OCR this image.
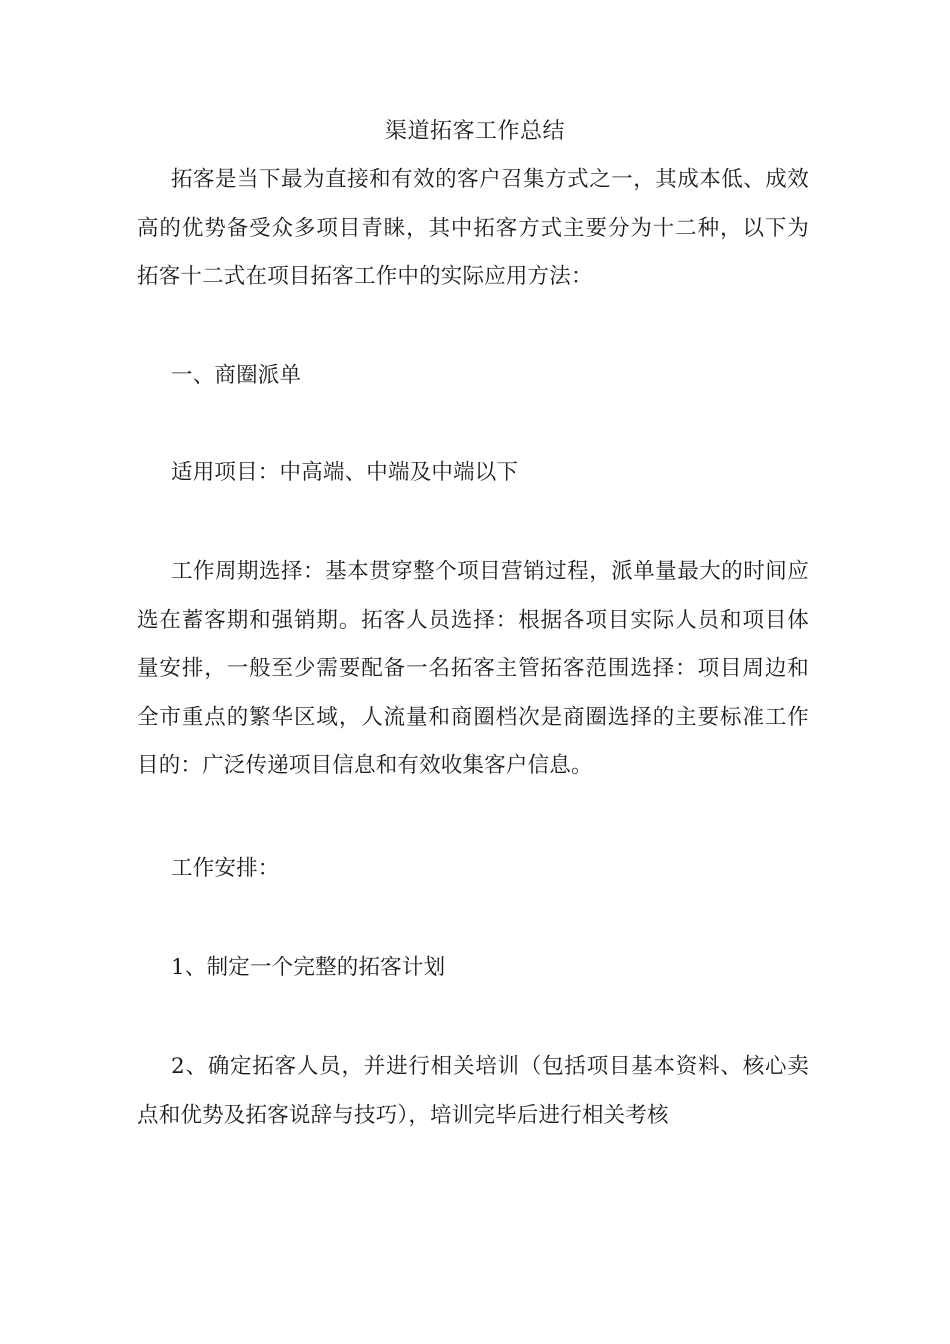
渠道拓客工作总结

拓客是当下最为直接和有效的客户召集方式之一，其成本低、成效高的优势备受众多项目青睐，其中拓客方式主要分为十二种，以下为拓客十二式在项目拓客工作中的实际应用方法：

一、商圈派单

适用项目：中高端、中端及中端以下

工作周期选择：基本贯穿整个项目营销过程，派单量最大的时间应选在蓄客期和强销期。拓客人员选择：根据各项目实际人员和项目体量安排，一般至少需要配备一名拓客主管拓客范围选择：项目周边和全市重点的繁华区域，人流量和商圈档次是商圈选择的主要标准工作目的：广泛传递项目信息和有效收集客户信息。

工作安排：

1、制定一个完整的拓客计划

2、确定拓客人员，并进行相关培训（包括项目基本资料、核心卖点和优势及拓客说辞与技巧），培训完毕后进行相关考核
